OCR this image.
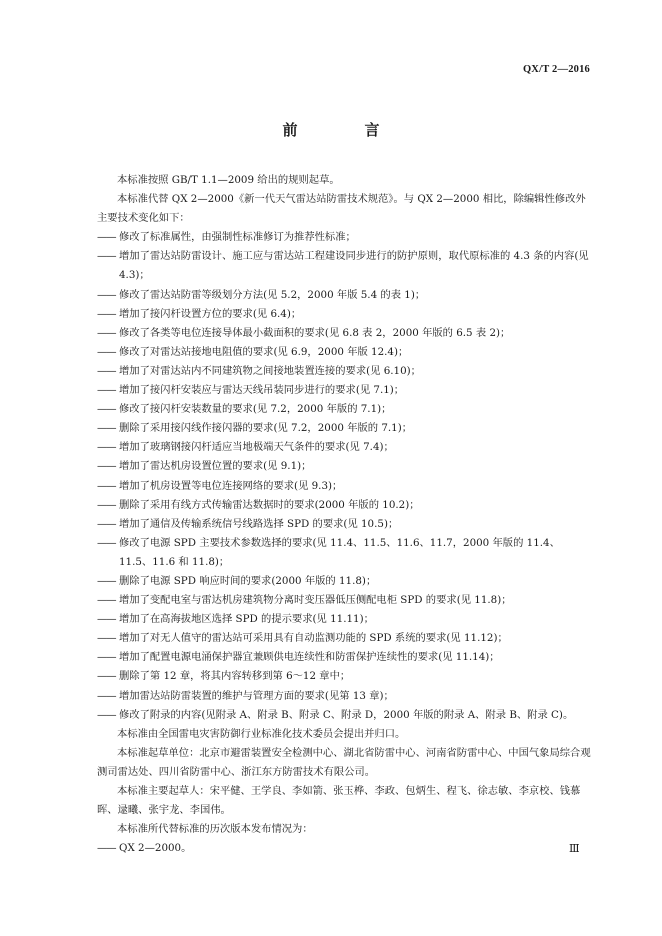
QX/T 2—2016
前　言

本标准按照 GB/T 1.1—2009 给出的规则起草。

本标准代替 QX 2—2000《新一代天气雷达站防雷技术规范》。与 QX 2—2000 相比，除编辑性修改外主要技术变化如下：

—— 修改了标准属性，由强制性标准修订为推荐性标准；

—— 增加了雷达站防雷设计、施工应与雷达站工程建设同步进行的防护原则，取代原标准的 4.3 条的内容(见 4.3)；

—— 修改了雷达站防雷等级划分方法(见 5.2，2000 年版 5.4 的表 1)；

—— 增加了接闪杆设置方位的要求(见 6.4)；

—— 修改了各类等电位连接导体最小截面积的要求(见 6.8 表 2，2000 年版的 6.5 表 2)；

—— 修改了对雷达站接地电阻值的要求(见 6.9，2000 年版 12.4)；

—— 增加了对雷达站内不同建筑物之间接地装置连接的要求(见 6.10)；

—— 增加了接闪杆安装应与雷达天线吊装同步进行的要求(见 7.1)；

—— 修改了接闪杆安装数量的要求(见 7.2，2000 年版的 7.1)；

—— 删除了采用接闪线作接闪器的要求(见 7.2，2000 年版的 7.1)；

—— 增加了玻璃钢接闪杆适应当地极端天气条件的要求(见 7.4)；

—— 增加了雷达机房设置位置的要求(见 9.1)；

—— 增加了机房设置等电位连接网络的要求(见 9.3)；

—— 删除了采用有线方式传输雷达数据时的要求(2000 年版的 10.2)；

—— 增加了通信及传输系统信号线路选择 SPD 的要求(见 10.5)；

—— 修改了电源 SPD 主要技术参数选择的要求(见 11.4、11.5、11.6、11.7，2000 年版的 11.4、11.5、11.6 和 11.8)；

—— 删除了电源 SPD 响应时间的要求(2000 年版的 11.8)；

—— 增加了变配电室与雷达机房建筑物分离时变压器低压侧配电柜 SPD 的要求(见 11.8)；

—— 增加了在高海拔地区选择 SPD 的提示要求(见 11.11)；

—— 增加了对无人值守的雷达站可采用具有自动监测功能的 SPD 系统的要求(见 11.12)；

—— 增加了配置电源电涌保护器宜兼顾供电连续性和防雷保护连续性的要求(见 11.14)；

—— 删除了第 12 章，将其内容转移到第 6～12 章中；

—— 增加雷达站防雷装置的维护与管理方面的要求(见第 13 章)；

—— 修改了附录的内容(见附录 A、附录 B、附录 C、附录 D，2000 年版的附录 A、附录 B、附录 C)。

本标准由全国雷电灾害防御行业标准化技术委员会提出并归口。

本标准起草单位：北京市避雷装置安全检测中心、湖北省防雷中心、河南省防雷中心、中国气象局综合观测司雷达处、四川省防雷中心、浙江东方防雷技术有限公司。

本标准主要起草人：宋平健、王学良、李如箭、张玉桦、李政、包炳生、程飞、徐志敏、李京校、钱慕晖、逯曦、张宇龙、李国伟。

本标准所代替标准的历次版本发布情况为：

—— QX 2—2000。	Ⅲ
